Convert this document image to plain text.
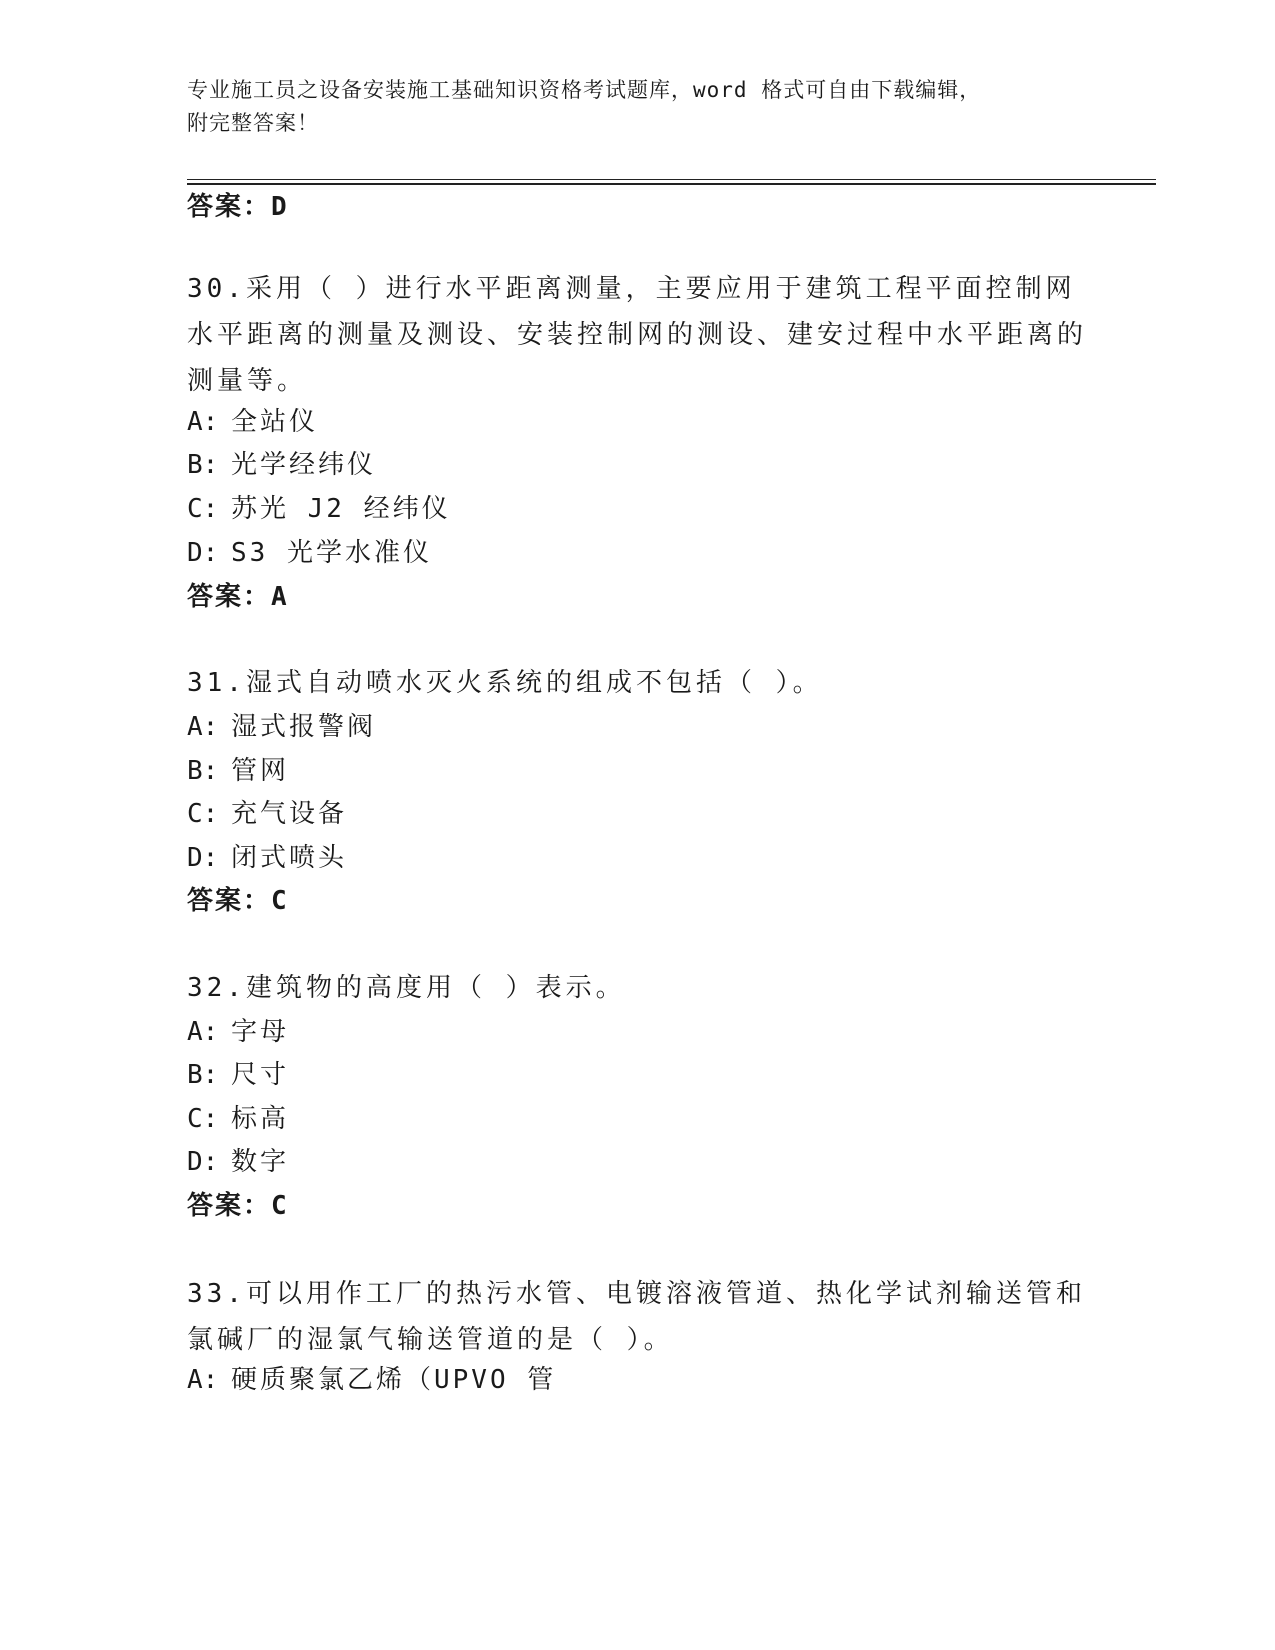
专业施工员之设备安装施工基础知识资格考试题库，word 格式可自由下载编辑，
附完整答案！
答案：D
30.采用（ ）进行水平距离测量，主要应用于建筑工程平面控制网水平距离的测量及测设、安装控制网的测设、建安过程中水平距离的测量等。
A: 全站仪
B: 光学经纬仪
C: 苏光 J2 经纬仪
D: S3 光学水准仪
答案：A
31.湿式自动喷水灭火系统的组成不包括（ ）。
A: 湿式报警阀
B: 管网
C: 充气设备
D: 闭式喷头
答案：C
32.建筑物的高度用（ ）表示。
A: 字母
B: 尺寸
C: 标高
D: 数字
答案：C
33.可以用作工厂的热污水管、电镀溶液管道、热化学试剂输送管和氯碱厂的湿氯气输送管道的是（ ）。
A: 硬质聚氯乙烯（UPVO 管
